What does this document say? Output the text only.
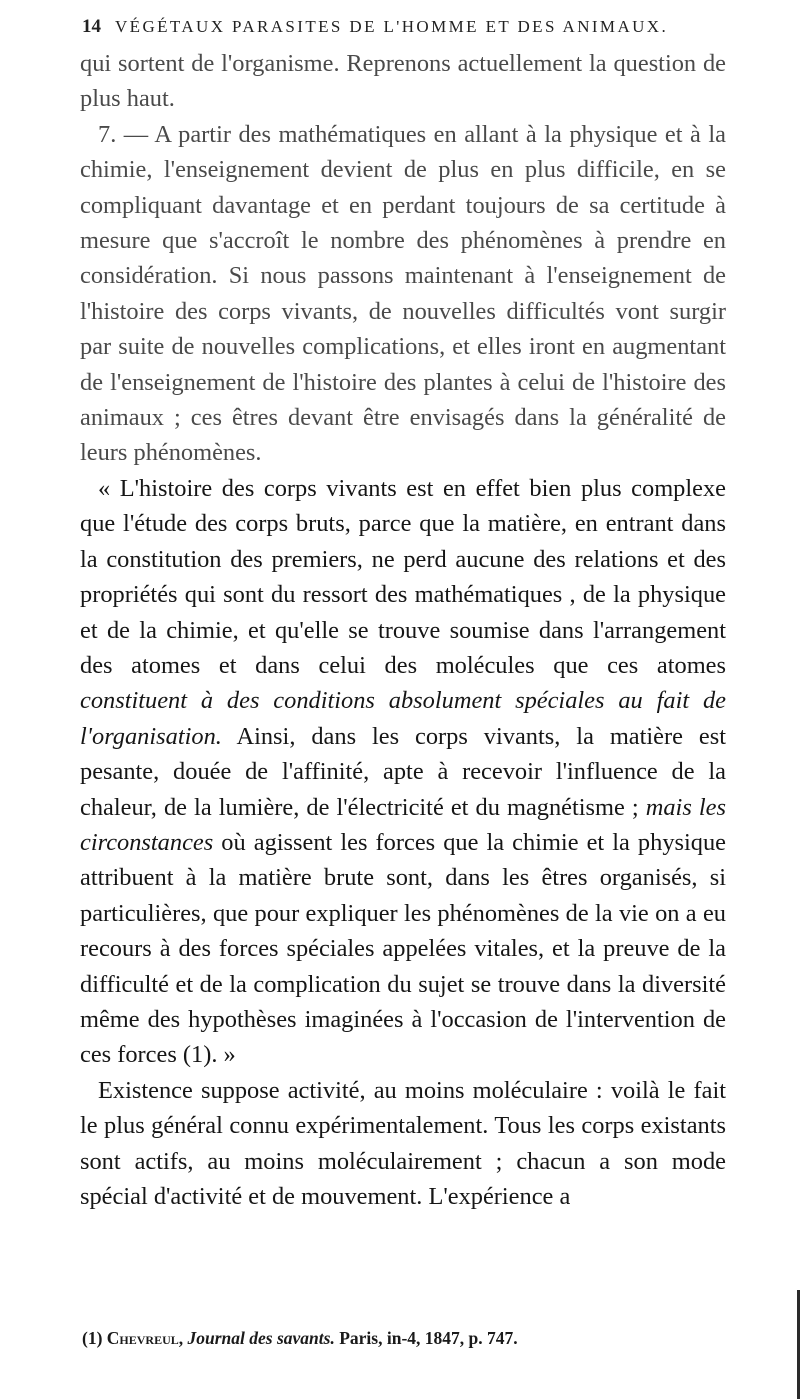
14 VÉGÉTAUX PARASITES DE L'HOMME ET DES ANIMAUX.

qui sortent de l'organisme. Reprenons actuellement la question de plus haut.

7. — A partir des mathématiques en allant à la physique et à la chimie, l'enseignement devient de plus en plus difficile, en se compliquant davantage et en perdant toujours de sa certitude à mesure que s'accroît le nombre des phénomènes à prendre en considération. Si nous passons maintenant à l'enseignement de l'histoire des corps vivants, de nouvelles difficultés vont surgir par suite de nouvelles complications, et elles iront en augmentant de l'enseignement de l'histoire des plantes à celui de l'histoire des animaux ; ces êtres devant être envisagés dans la généralité de leurs phénomènes.

« L'histoire des corps vivants est en effet bien plus complexe que l'étude des corps bruts, parce que la matière, en entrant dans la constitution des premiers, ne perd aucune des relations et des propriétés qui sont du ressort des mathématiques , de la physique et de la chimie, et qu'elle se trouve soumise dans l'arrangement des atomes et dans celui des molécules que ces atomes constituent à des conditions absolument spéciales au fait de l'organisation. Ainsi, dans les corps vivants, la matière est pesante, douée de l'affinité, apte à recevoir l'influence de la chaleur, de la lumière, de l'électricité et du magnétisme ; mais les circonstances où agissent les forces que la chimie et la physique attribuent à la matière brute sont, dans les êtres organisés, si particulières, que pour expliquer les phénomènes de la vie on a eu recours à des forces spéciales appelées vitales, et la preuve de la difficulté et de la complication du sujet se trouve dans la diversité même des hypothèses imaginées à l'occasion de l'intervention de ces forces (1). »

Existence suppose activité, au moins moléculaire : voilà le fait le plus général connu expérimentalement. Tous les corps existants sont actifs, au moins moléculairement ; chacun a son mode spécial d'activité et de mouvement. L'expérience a

(1) Chevreul, Journal des savants. Paris, in-4, 1847, p. 747.
